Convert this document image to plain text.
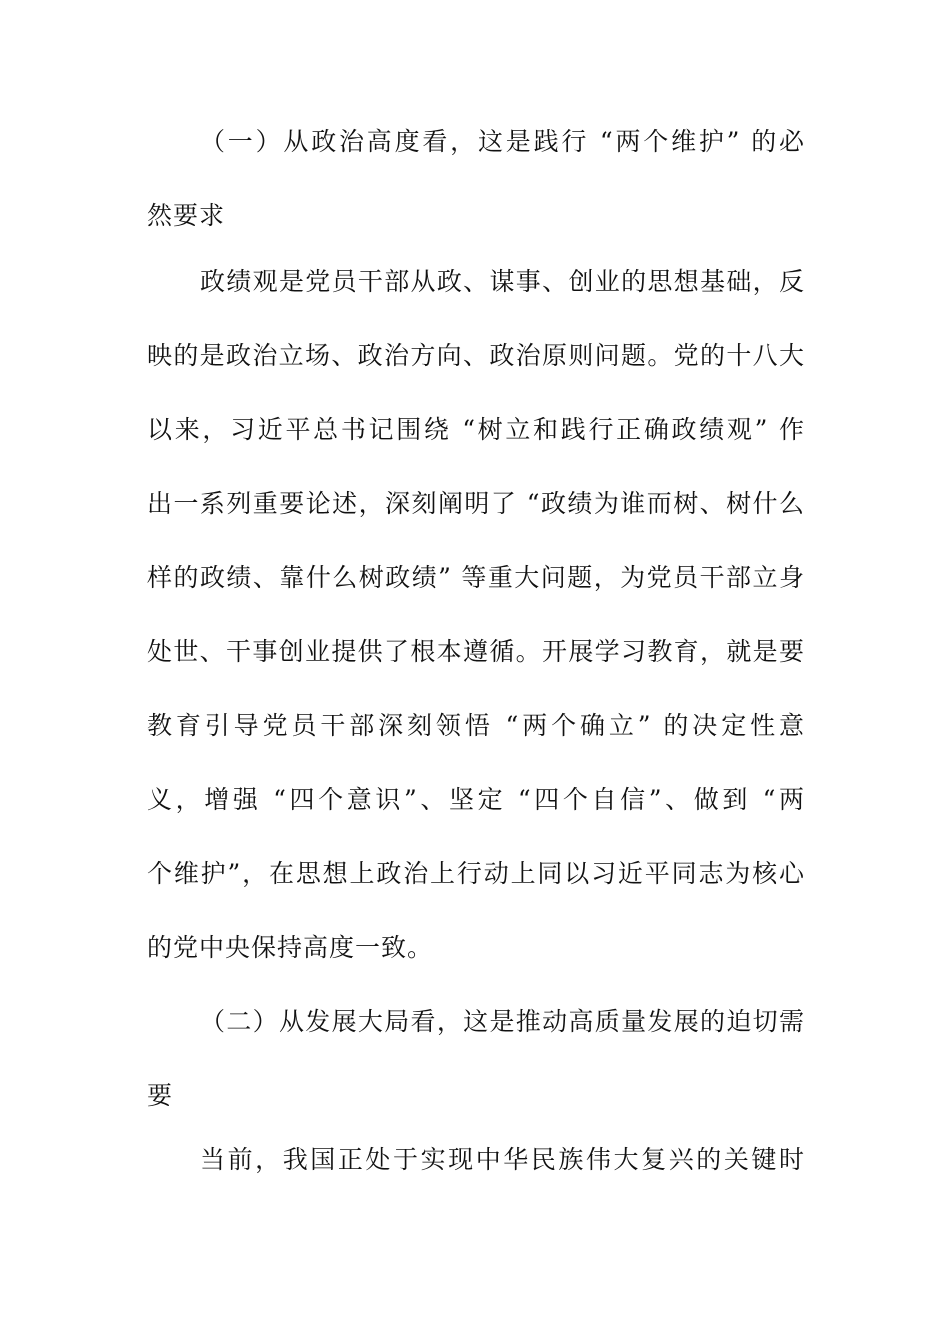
（一）从政治高度看，这是践行 “两个维护” 的必
然要求
政绩观是党员干部从政、谋事、创业的思想基础，反
映的是政治立场、政治方向、政治原则问题。党的十八大
以来，习近平总书记围绕 “树立和践行正确政绩观” 作
出一系列重要论述，深刻阐明了 “政绩为谁而树、树什么
样的政绩、靠什么树政绩” 等重大问题，为党员干部立身
处世、干事创业提供了根本遵循。开展学习教育，就是要
教育引导党员干部深刻领悟 “两个确立” 的决定性意
义，增强 “四个意识”、坚定 “四个自信”、做到 “两
个维护”，在思想上政治上行动上同以习近平同志为核心
的党中央保持高度一致。
（二）从发展大局看，这是推动高质量发展的迫切需
要
当前，我国正处于实现中华民族伟大复兴的关键时
